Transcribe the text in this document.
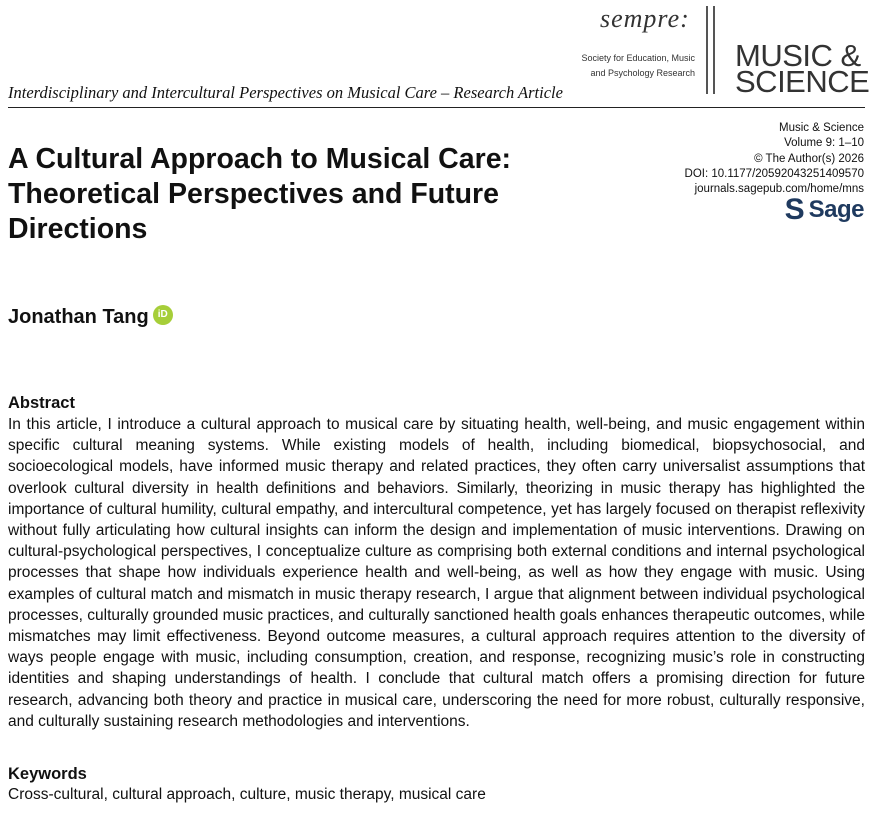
sempre:
Society for Education, Music
and Psychology Research MUSIC &
SCIENCE
Interdisciplinary and Intercultural Perspectives on Musical Care – Research Article
A Cultural Approach to Musical Care: Theoretical Perspectives and Future Directions
Music & Science
Volume 9: 1–10
© The Author(s) 2026
DOI: 10.1177/20592043251409570
journals.sagepub.com/home/mns
S Sage
Jonathan Tang iD
Abstract

In this article, I introduce a cultural approach to musical care by situating health, well-being, and music engagement within specific cultural meaning systems. While existing models of health, including biomedical, biopsychosocial, and socioecological models, have informed music therapy and related practices, they often carry universalist assumptions that overlook cultural diversity in health definitions and behaviors. Similarly, theorizing in music therapy has highlighted the importance of cultural humility, cultural empathy, and intercultural competence, yet has largely focused on therapist reflexivity without fully articulating how cultural insights can inform the design and implementation of music interventions. Drawing on cultural-psychological perspectives, I conceptualize culture as comprising both external conditions and internal psychological processes that shape how individuals experience health and well-being, as well as how they engage with music. Using examples of cultural match and mismatch in music therapy research, I argue that alignment between individual psychological processes, culturally grounded music practices, and culturally sanctioned health goals enhances therapeutic outcomes, while mismatches may limit effectiveness. Beyond outcome measures, a cultural approach requires attention to the diversity of ways people engage with music, including consumption, creation, and response, recognizing music’s role in constructing identities and shaping understandings of health. I conclude that cultural match offers a promising direction for future research, advancing both theory and practice in musical care, underscoring the need for more robust, culturally responsive, and culturally sustaining research methodologies and interventions.

Keywords
Cross-cultural, cultural approach, culture, music therapy, musical care
